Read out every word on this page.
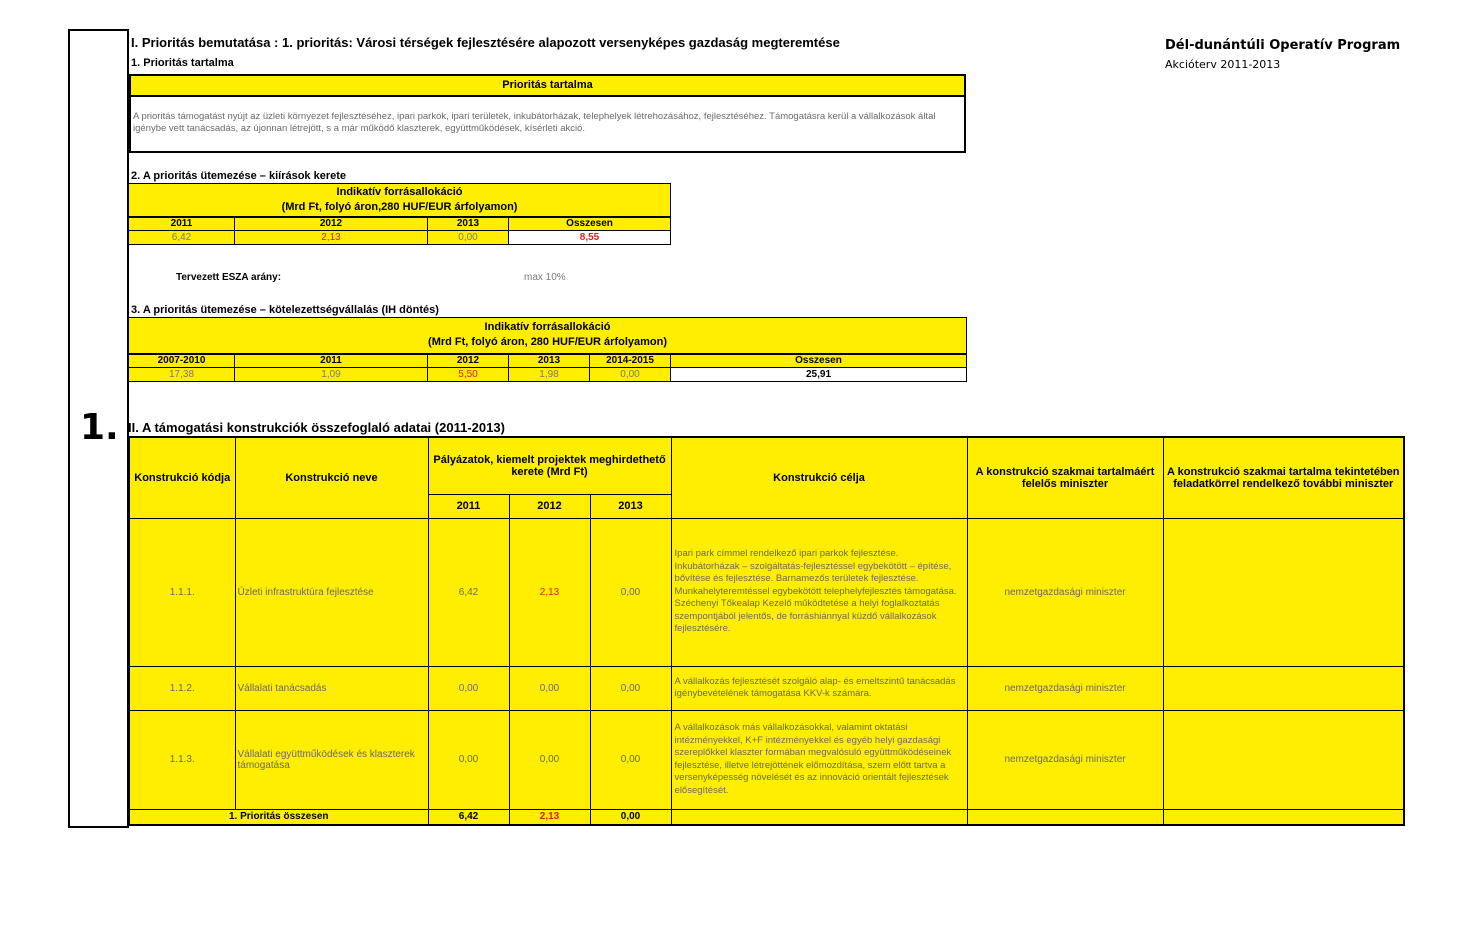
1.
I. Prioritás bemutatása : 1. prioritás: Városi térségek fejlesztésére alapozott versenyképes gazdaság megteremtése	Dél-dunántúli Operatív Program
Akcióterv 2011-2013
1. Prioritás tartalma
Prioritás tartalma
A prioritás támogatást nyújt az üzleti környezet fejlesztéséhez, ipari parkok, ipari területek, inkubátorházak, telephelyek létrehozásához, fejlesztéséhez. Támogatásra kerül a vállalkozások által igénybe vett tanácsadás, az újonnan létrejött, s a már működő klaszterek, együttműködések, kísérleti akció.
2. A prioritás ütemezése – kiírások kerete
Indikatív forrásallokáció
(Mrd Ft, folyó áron,280 HUF/EUR árfolyamon)			

2011	2012	2013	Összesen
6,42	2,13	0,00	8,55
Tervezett ESZA arány:	max 10%
3. A prioritás ütemezése – kötelezettségvállalás (IH döntés)
Indikatív forrásallokáció
(Mrd Ft, folyó áron, 280 HUF/EUR árfolyamon)					

2007-2010	2011	2012	2013	2014-2015	Összesen
17,38	1,09	5,50	1,98	0,00	25,91
II. A támogatási konstrukciók összefoglaló adatai (2011-2013)
Konstrukció kódja	Konstrukció neve	Pályázatok, kiemelt projektek meghirdethető kerete (Mrd Ft)			Konstrukció célja	A konstrukció szakmai tartalmáért felelős miniszter	A konstrukció szakmai tartalma tekintetében feladatkörrel rendelkező további miniszter
		2011	2012	2013			
1.1.1.	Üzleti infrastruktúra fejlesztése	6,42	2,13	0,00	Ipari park címmel rendelkező ipari parkok fejlesztése. Inkubátorházak – szolgáltatás-fejlesztéssel egybekötött – építése, bővítése és fejlesztése. Barnamezős területek fejlesztése. Munkahelyteremtéssel egybekötött telephelyfejlesztés támogatása. Széchenyi Tőkealap Kezelő működtetése a helyi foglalkoztatás szempontjából jelentős, de forráshiánnyal küzdő vállalkozások fejlesztésére.	nemzetgazdasági miniszter	
1.1.2.	Vállalati tanácsadás	0,00	0,00	0,00	A vállalkozás fejlesztését szolgáló alap- és emeltszintű tanácsadás igénybevételének támogatása KKV-k számára.	nemzetgazdasági miniszter	
1.1.3.	Vállalati együttműködések és klaszterek támogatása	0,00	0,00	0,00	A vállalkozások más vállalkozásokkal, valamint oktatási intézményekkel, K+F intézményekkel és egyéb helyi gazdasági szereplőkkel klaszter formában megvalósuló együttműködéseinek fejlesztése, illetve létrejöttének előmozdítása, szem előtt tartva a versenyképesség növelését és az innováció orientált fejlesztések elősegítését.	nemzetgazdasági miniszter	
1. Prioritás összesen		6,42	2,13	0,00			
